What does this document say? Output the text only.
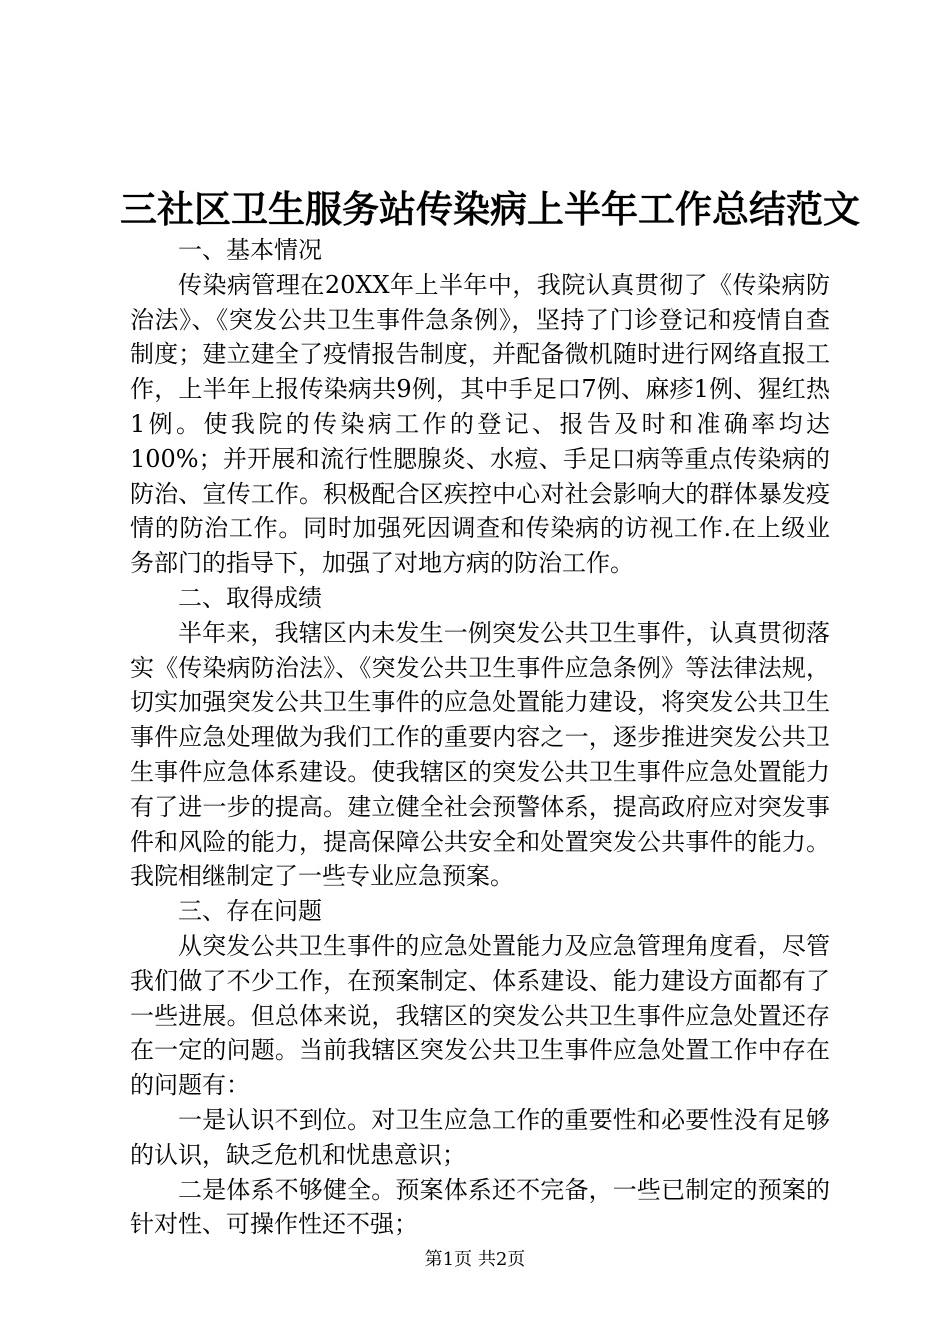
三社区卫生服务站传染病上半年工作总结范文

一、基本情况

传染病管理在20XX年上半年中，我院认真贯彻了《传染病防治法》、《突发公共卫生事件急条例》，坚持了门诊登记和疫情自查制度；建立建全了疫情报告制度，并配备微机随时进行网络直报工作，上半年上报传染病共9例，其中手足口7例、麻疹1例、猩红热1例。使我院的传染病工作的登记、报告及时和准确率均达100%；并开展和流行性腮腺炎、水痘、手足口病等重点传染病的防治、宣传工作。积极配合区疾控中心对社会影响大的群体暴发疫情的防治工作。同时加强死因调查和传染病的访视工作.在上级业务部门的指导下，加强了对地方病的防治工作。

二、取得成绩

半年来，我辖区内未发生一例突发公共卫生事件，认真贯彻落实《传染病防治法》、《突发公共卫生事件应急条例》等法律法规，切实加强突发公共卫生事件的应急处置能力建设，将突发公共卫生事件应急处理做为我们工作的重要内容之一，逐步推进突发公共卫生事件应急体系建设。使我辖区的突发公共卫生事件应急处置能力有了进一步的提高。建立健全社会预警体系，提高政府应对突发事件和风险的能力，提高保障公共安全和处置突发公共事件的能力。我院相继制定了一些专业应急预案。

三、存在问题

从突发公共卫生事件的应急处置能力及应急管理角度看，尽管我们做了不少工作，在预案制定、体系建设、能力建设方面都有了一些进展。但总体来说，我辖区的突发公共卫生事件应急处置还存在一定的问题。当前我辖区突发公共卫生事件应急处置工作中存在的问题有：

一是认识不到位。对卫生应急工作的重要性和必要性没有足够的认识，缺乏危机和忧患意识；

二是体系不够健全。预案体系还不完备，一些已制定的预案的针对性、可操作性还不强；

第1页 共2页
